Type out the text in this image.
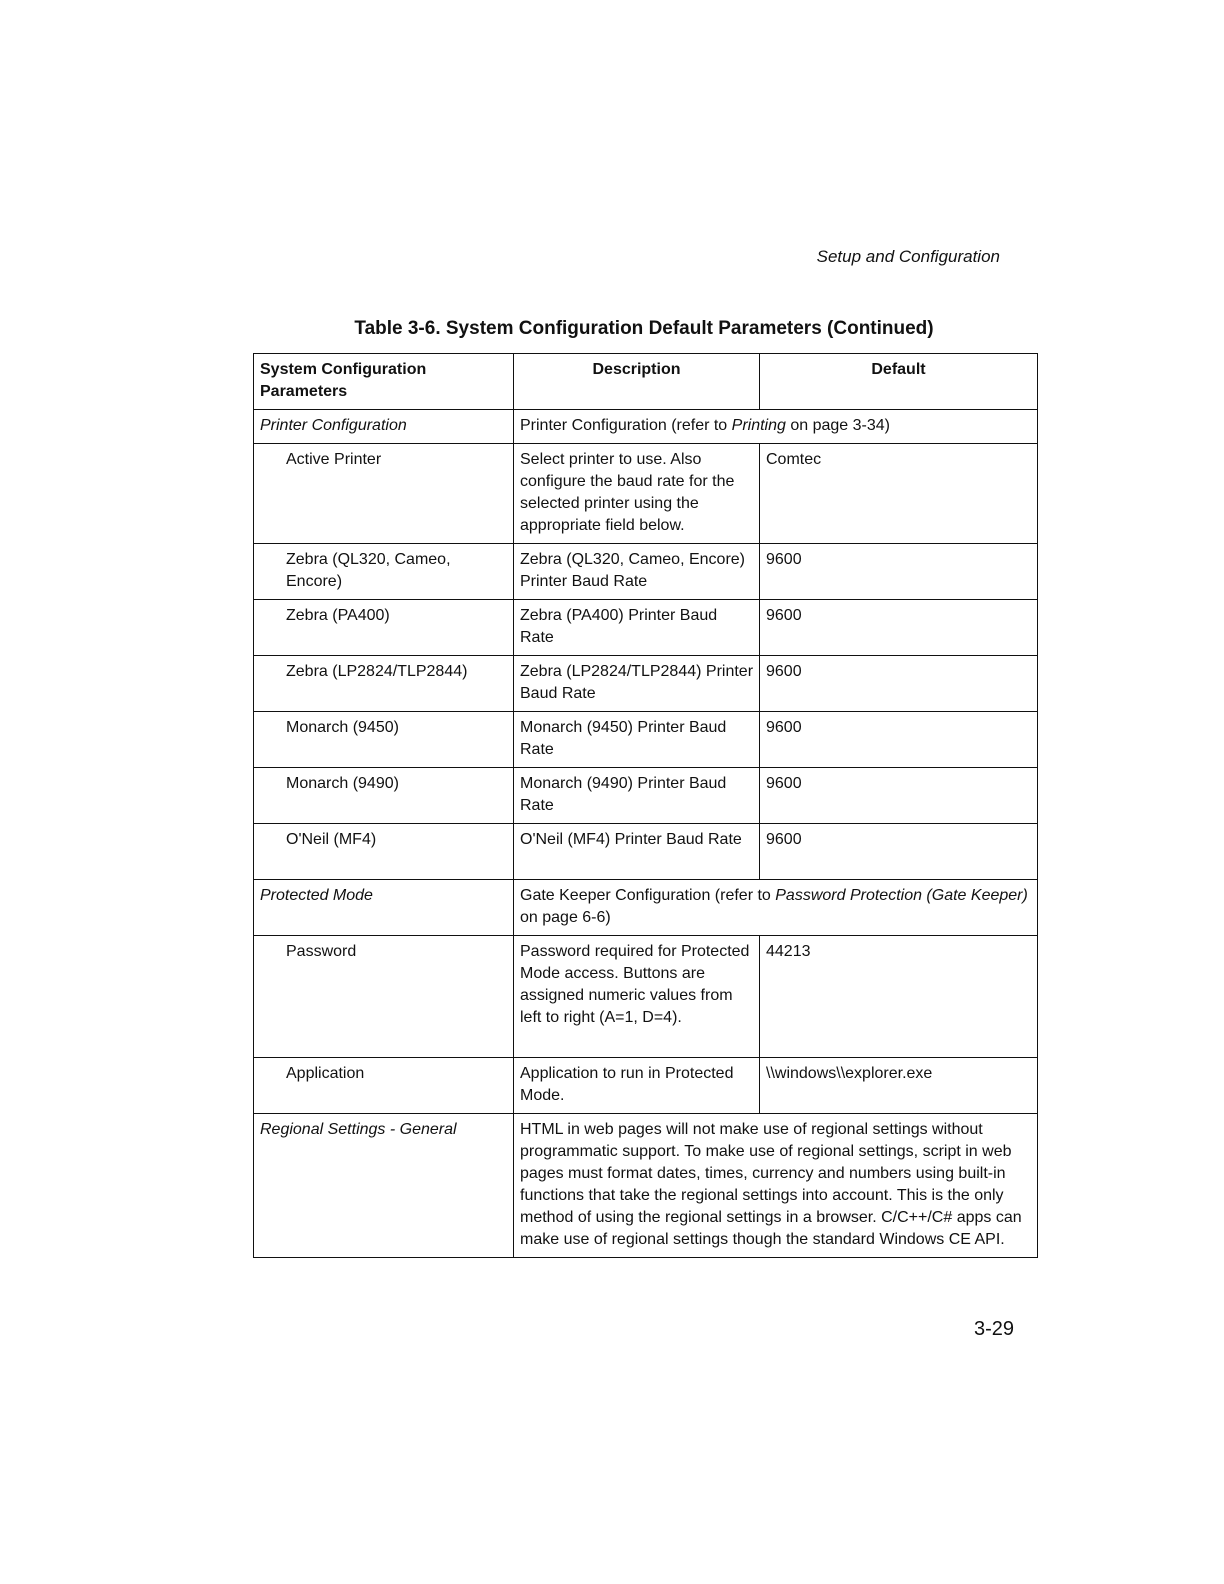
Setup and Configuration
Table 3-6. System Configuration Default Parameters (Continued)
System Configuration Parameters	Description	Default
Printer Configuration	Printer Configuration (refer to Printing on page 3-34)	
Active Printer	Select printer to use. Also configure the baud rate for the selected printer using the appropriate field below.	Comtec
Zebra (QL320, Cameo, Encore)	Zebra (QL320, Cameo, Encore) Printer Baud Rate	9600
Zebra (PA400)	Zebra (PA400) Printer Baud Rate	9600
Zebra (LP2824/TLP2844)	Zebra (LP2824/TLP2844) Printer Baud Rate	9600
Monarch (9450)	Monarch (9450) Printer Baud Rate	9600
Monarch (9490)	Monarch (9490) Printer Baud Rate	9600
O'Neil (MF4)	O'Neil (MF4) Printer Baud Rate	9600
Protected Mode	Gate Keeper Configuration (refer to Password Protection (Gate Keeper) on page 6-6)	
Password	Password required for Protected Mode access. Buttons are assigned numeric values from left to right (A=1, D=4).	44213
Application	Application to run in Protected Mode.	\\windows\\explorer.exe
Regional Settings - General	HTML in web pages will not make use of regional settings without programmatic support. To make use of regional settings, script in web pages must format dates, times, currency and numbers using built-in functions that take the regional settings into account. This is the only method of using the regional settings in a browser. C/C++/C# apps can make use of regional settings though the standard Windows CE API.	
3-29
